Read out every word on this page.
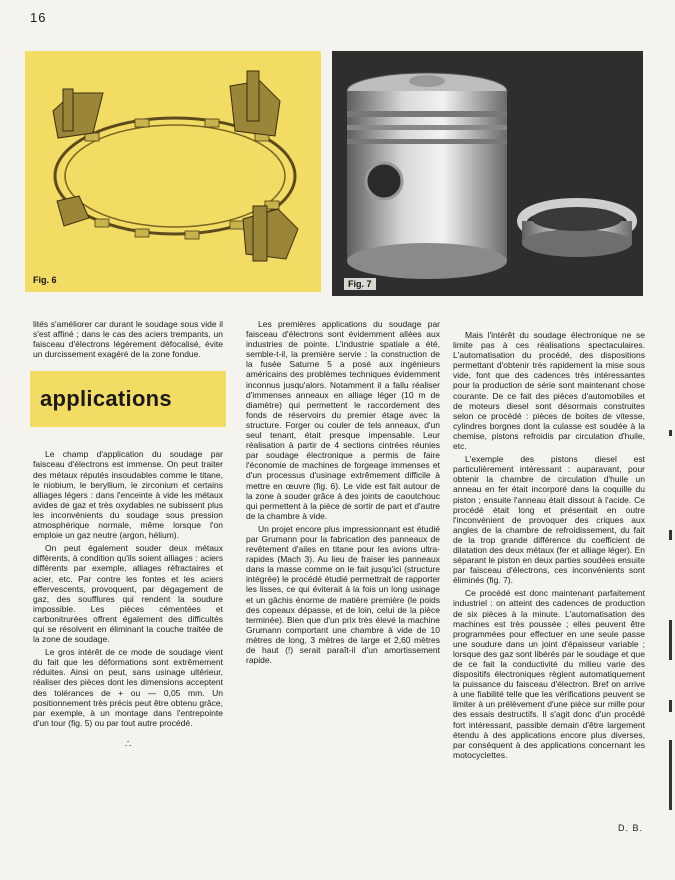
16
Fig. 6	Fig. 7

lités s'améliorer car durant le soudage sous vide il s'est affiné ; dans le cas des aciers trempants, un faisceau d'électrons légèrement défocalisé, évite un durcissement exagéré de la zone fondue.

applications

Le champ d'application du soudage par faisceau d'électrons est immense. On peut traiter des métaux réputés insoudables comme le titane, le niobium, le beryllium, le zirconium et certains alliages légers : dans l'enceinte à vide les métaux avides de gaz et très oxydables ne subissent plus les inconvénients du soudage sous pression atmosphérique normale, même lorsque l'on emploie un gaz neutre (argon, hélium).

On peut également souder deux métaux différents, à condition qu'ils soient alliages : aciers différents par exemple, alliages réfractaires et acier, etc. Par contre les fontes et les aciers effervescents, provoquent, par dégagement de gaz, des soufflures qui rendent la soudure impossible. Les pièces cémentées et carbonitrurées offrent également des difficultés qui se résolvent en éliminant la couche traitée de la zone de soudage.

Le gros intérêt de ce mode de soudage vient du fait que les déformations sont extrêmement réduites. Ainsi on peut, sans usinage ultérieur, réaliser des pièces dont les dimensions acceptent des tolérances de + ou — 0,05 mm. Un positionnement très précis peut être obtenu grâce, par exemple, à un montage dans l'entrepointe d'un tour (fig. 5) ou par tout autre procédé.

∴

Les premières applications du soudage par faisceau d'électrons sont évidemment allées aux industries de pointe. L'industrie spatiale a été, semble-t-il, la première servie : la construction de la fusée Saturne 5 a posé aux ingénieurs américains des problèmes techniques évidemment inconnus jusqu'alors. Notamment il a fallu réaliser d'immenses anneaux en alliage léger (10 m de diamètre) qui permettent le raccordement des fonds de réservoirs du premier étage avec la structure. Forger ou couler de tels anneaux, d'un seul tenant, était presque impensable. Leur réalisation à partir de 4 sections cintrées réunies par soudage électronique a permis de faire l'économie de machines de forgeage immenses et d'un processus d'usinage extrêmement difficile à mettre en œuvre (fig. 6). Le vide est fait autour de la zone à souder grâce à des joints de caoutchouc qui permettent à la pièce de sortir de part et d'autre de la chambre à vide.

Un projet encore plus impressionnant est étudié par Grumann pour la fabrication des panneaux de revêtement d'ailes en titane pour les avions ultra-rapides (Mach 3). Au lieu de fraiser les panneaux dans la masse comme on le fait jusqu'ici (structure intégrée) le procédé étudié permettrait de rapporter les lisses, ce qui éviterait à la fois un long usinage et un gâchis énorme de matière première (le poids des copeaux dépasse, et de loin, celui de la pièce terminée). Bien que d'un prix très élevé la machine Grumann comportant une chambre à vide de 10 mètres de long, 3 mètres de large et 2,60 mètres de haut (!) serait paraît-il d'un amortissement rapide.

Mais l'intérêt du soudage électronique ne se limite pas à ces réalisations spectaculaires. L'automatisation du procédé, des dispositions permettant d'obtenir très rapidement la mise sous vide, font que des cadences très intéressantes pour la production de série sont maintenant chose courante. De ce fait des pièces d'automobiles et de moteurs diesel sont désormais construites selon ce procédé : pièces de boites de vitesse, cylindres borgnes dont la culasse est soudée à la chemise, pistons refroidis par circulation d'huile, etc.

L'exemple des pistons diesel est particulièrement intéressant : auparavant, pour obtenir la chambre de circulation d'huile un anneau en fer était incorporé dans la coquille du piston ; ensuite l'anneau était dissout à l'acide. Ce procédé était long et présentait en outre l'inconvénient de provoquer des criques aux angles de la chambre de refroidissement, du fait de la trop grande différence du coefficient de dilatation des deux métaux (fer et alliage léger). En séparant le piston en deux parties soudées ensuite par faisceau d'électrons, ces inconvénients sont éliminés (fig. 7).

Ce procédé est donc maintenant parfaitement industriel : on atteint des cadences de production de six pièces à la minute. L'automatisation des machines est très poussée ; elles peuvent être programmées pour effectuer en une seule passe une soudure dans un joint d'épaisseur variable ; lorsque des gaz sont libérés par le soudage et que de ce fait la conductivité du milieu varie des dispositifs électroniques règlent automatiquement la puissance du faisceau d'électron. Bref on arrive à une fiabilité telle que les vérifications peuvent se limiter à un prélèvement d'une pièce sur mille pour des essais destructifs. Il s'agit donc d'un procédé fort intéressant, passible demain d'être largement étendu à des applications encore plus diverses, par conséquent à des applications concernant les motocyclettes.

D. B.
